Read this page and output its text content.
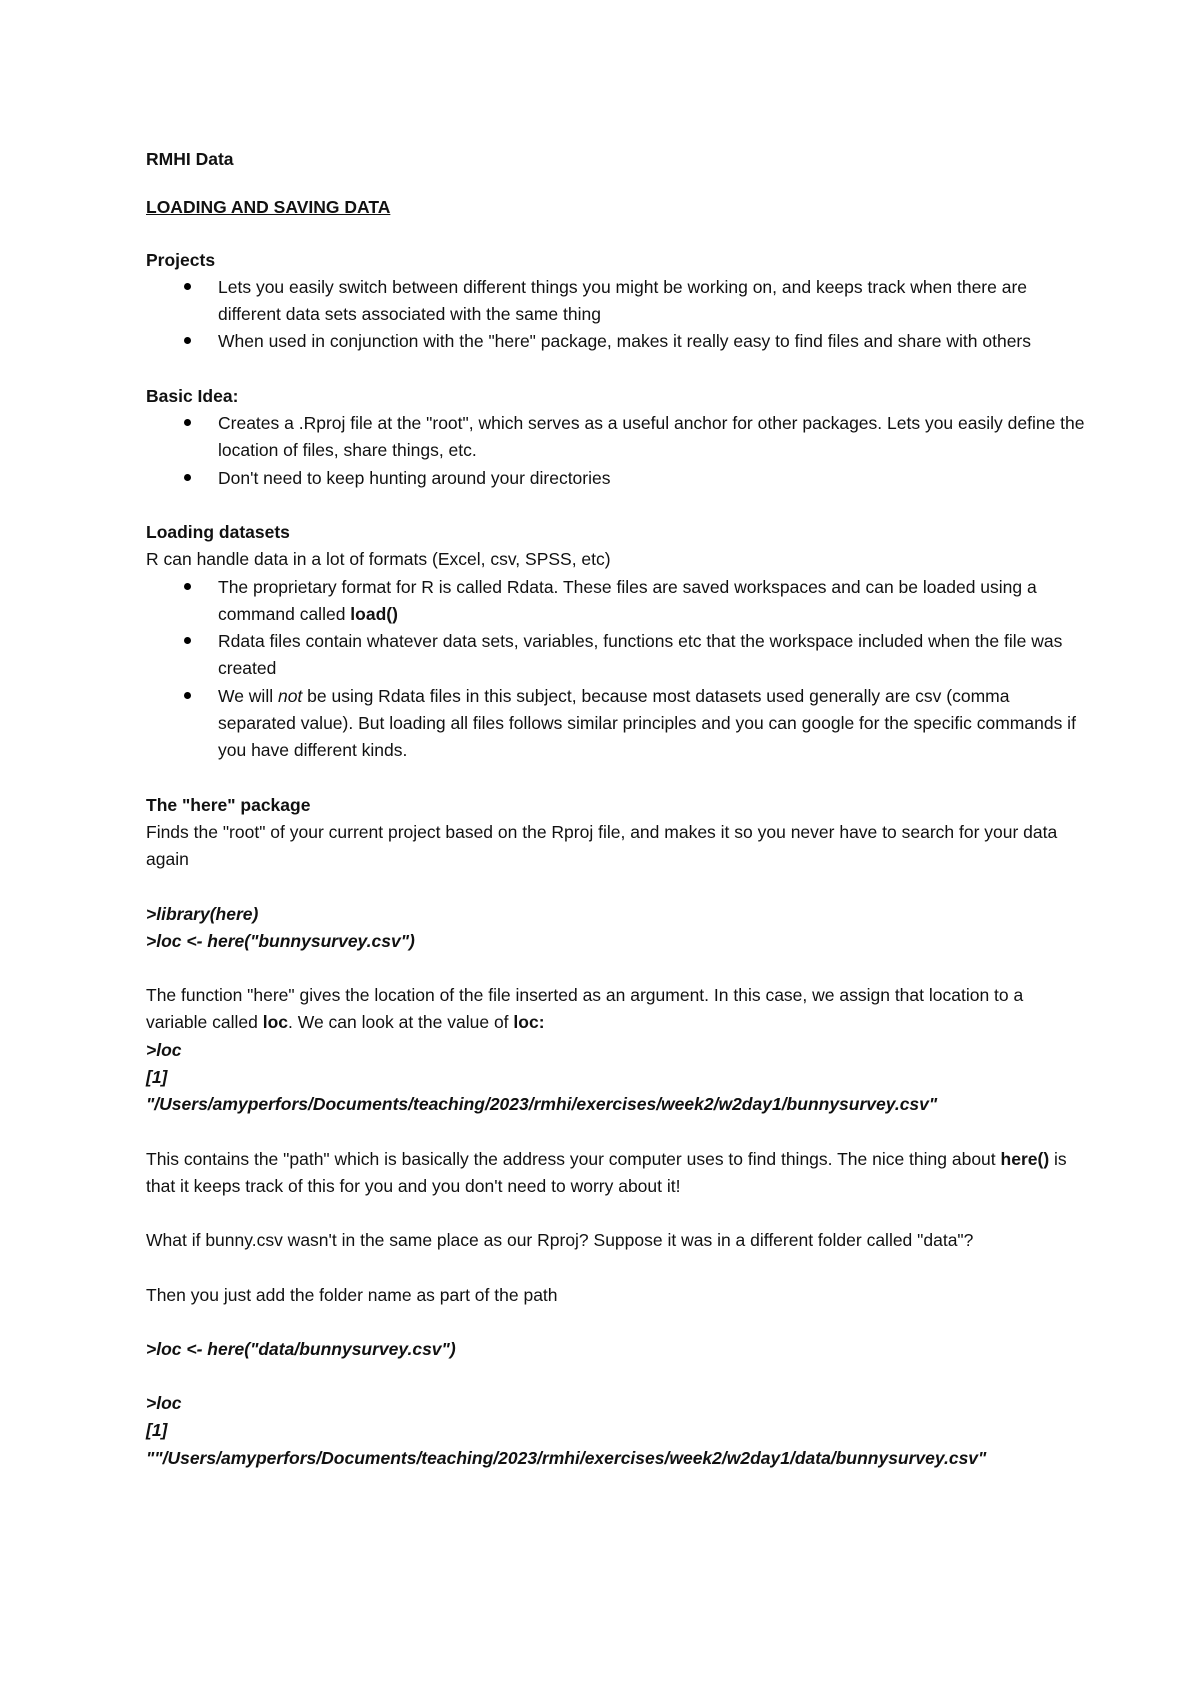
RMHI Data

LOADING AND SAVING DATA

Projects

Lets you easily switch between different things you might be working on, and keeps track when there are different data sets associated with the same thing
When used in conjunction with the "here" package, makes it really easy to find files and share with others

Basic Idea:

Creates a .Rproj file at the "root", which serves as a useful anchor for other packages. Lets you easily define the location of files, share things, etc.
Don't need to keep hunting around your directories

Loading datasets

R can handle data in a lot of formats (Excel, csv, SPSS, etc)

The proprietary format for R is called Rdata. These files are saved workspaces and can be loaded using a command called load()
Rdata files contain whatever data sets, variables, functions etc that the workspace included when the file was created
We will not be using Rdata files in this subject, because most datasets used generally are csv (comma separated value). But loading all files follows similar principles and you can google for the specific commands if you have different kinds.

The "here" package

Finds the "root" of your current project based on the Rproj file, and makes it so you never have to search for your data again

>library(here)

>loc <- here("bunnysurvey.csv")

The function "here" gives the location of the file inserted as an argument. In this case, we assign that location to a variable called loc. We can look at the value of loc:

>loc

[1]

"/Users/amyperfors/Documents/teaching/2023/rmhi/exercises/week2/w2day1/bunnysurvey.csv"

This contains the "path" which is basically the address your computer uses to find things. The nice thing about here() is that it keeps track of this for you and you don't need to worry about it!

What if bunny.csv wasn't in the same place as our Rproj? Suppose it was in a different folder called "data"?

Then you just add the folder name as part of the path

>loc <- here("data/bunnysurvey.csv")

>loc

[1]

""/Users/amyperfors/Documents/teaching/2023/rmhi/exercises/week2/w2day1/data/bunnysurvey.csv"
